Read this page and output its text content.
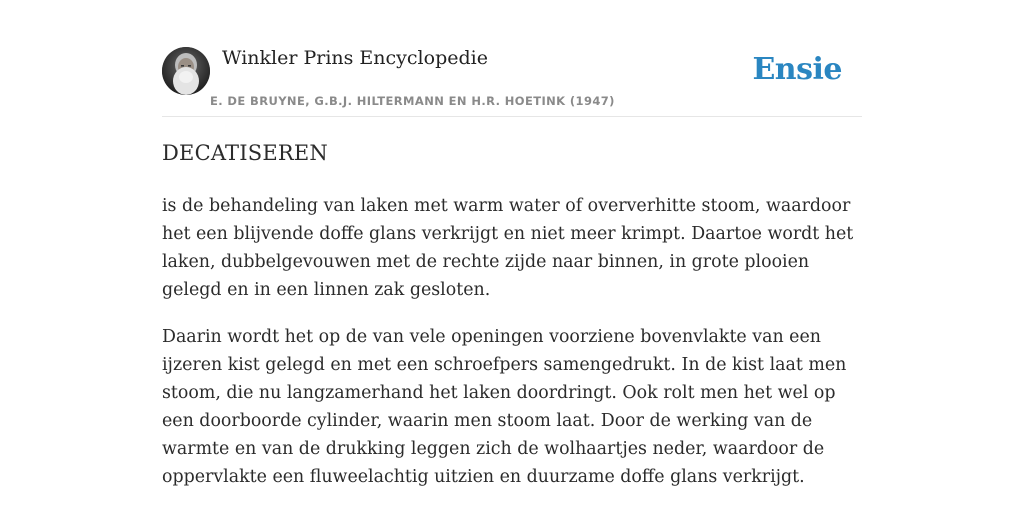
Winkler Prins Encyclopedie
E. DE BRUYNE, G.B.J. HILTERMANN EN H.R. HOETINK (1947)
Ensie
DECATISEREN

is de behandeling van laken met warm water of oververhitte stoom, waardoor het een blijvende doffe glans verkrijgt en niet meer krimpt. Daartoe wordt het laken, dubbelgevouwen met de rechte zijde naar binnen, in grote plooien gelegd en in een linnen zak gesloten.

Daarin wordt het op de van vele openingen voorziene bovenvlakte van een ijzeren kist gelegd en met een schroefpers samengedrukt. In de kist laat men stoom, die nu langzamerhand het laken doordringt. Ook rolt men het wel op een doorboorde cylinder, waarin men stoom laat. Door de werking van de warmte en van de drukking leggen zich de wolhaartjes neder, waardoor de oppervlakte een fluweelachtig uitzien en duurzame doffe glans verkrijgt.
